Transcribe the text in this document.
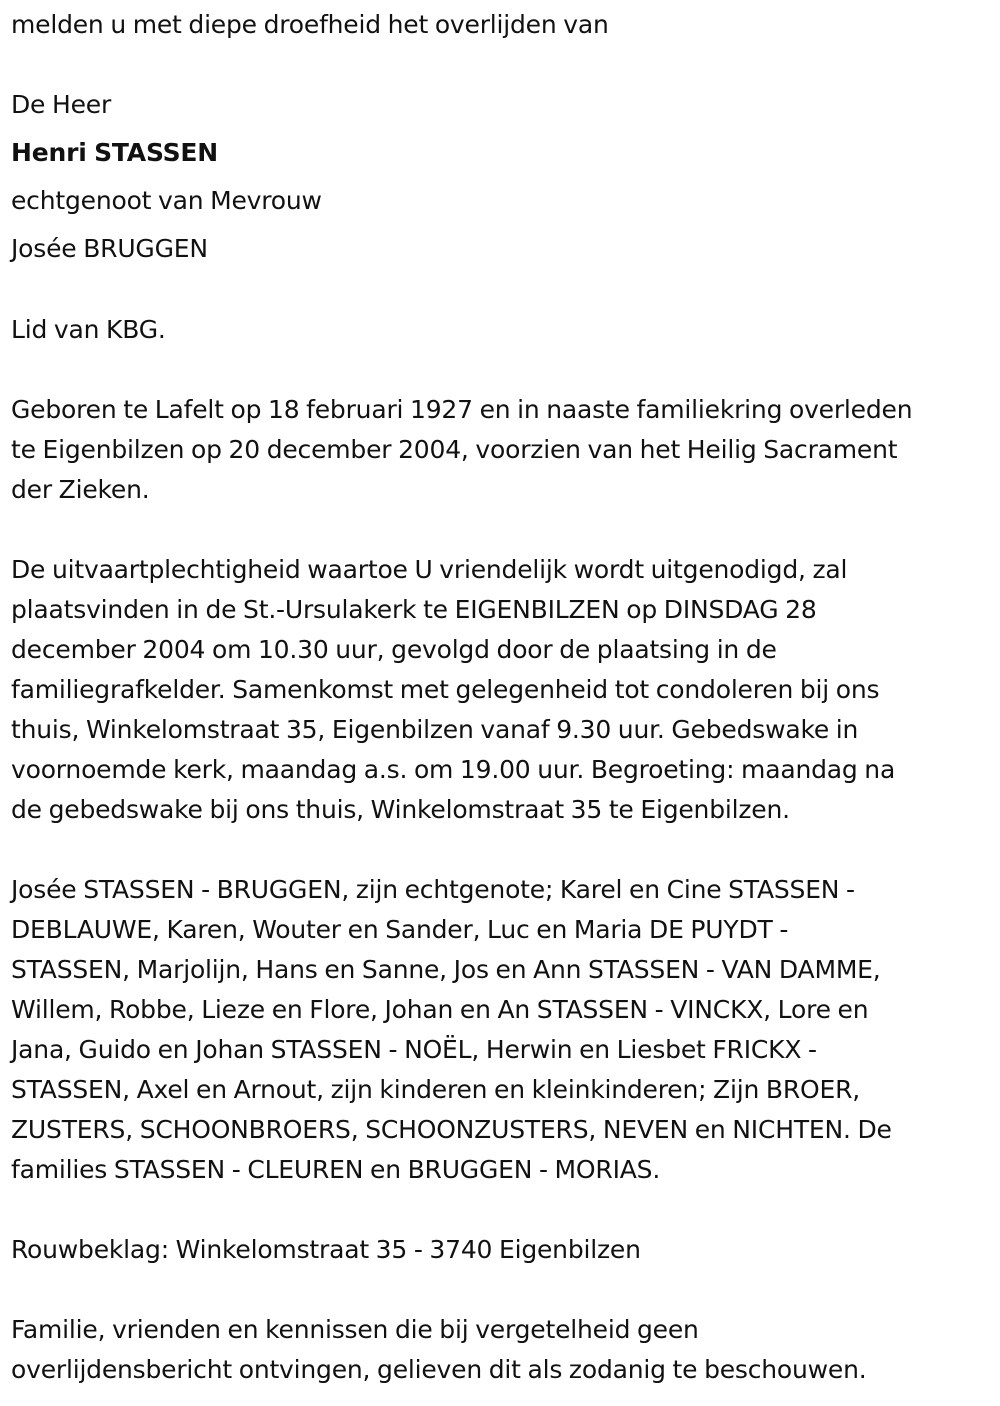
melden u met diepe droefheid het overlijden van
De Heer
Henri STASSEN
echtgenoot van Mevrouw
Josée BRUGGEN
Lid van KBG.
Geboren te Lafelt op 18 februari 1927 en in naaste familiekring overleden
te Eigenbilzen op 20 december 2004, voorzien van het Heilig Sacrament
der Zieken.
De uitvaartplechtigheid waartoe U vriendelijk wordt uitgenodigd, zal
plaatsvinden in de St.-Ursulakerk te EIGENBILZEN op DINSDAG 28
december 2004 om 10.30 uur, gevolgd door de plaatsing in de
familiegrafkelder. Samenkomst met gelegenheid tot condoleren bij ons
thuis, Winkelomstraat 35, Eigenbilzen vanaf 9.30 uur. Gebedswake in
voornoemde kerk, maandag a.s. om 19.00 uur. Begroeting: maandag na
de gebedswake bij ons thuis, Winkelomstraat 35 te Eigenbilzen.
Josée STASSEN - BRUGGEN, zijn echtgenote; Karel en Cine STASSEN -
DEBLAUWE, Karen, Wouter en Sander, Luc en Maria DE PUYDT -
STASSEN, Marjolijn, Hans en Sanne, Jos en Ann STASSEN - VAN DAMME,
Willem, Robbe, Lieze en Flore, Johan en An STASSEN - VINCKX, Lore en
Jana, Guido en Johan STASSEN - NOËL, Herwin en Liesbet FRICKX -
STASSEN, Axel en Arnout, zijn kinderen en kleinkinderen; Zijn BROER,
ZUSTERS, SCHOONBROERS, SCHOONZUSTERS, NEVEN en NICHTEN. De
families STASSEN - CLEUREN en BRUGGEN - MORIAS.
Rouwbeklag: Winkelomstraat 35 - 3740 Eigenbilzen
Familie, vrienden en kennissen die bij vergetelheid geen
overlijdensbericht ontvingen, gelieven dit als zodanig te beschouwen.
